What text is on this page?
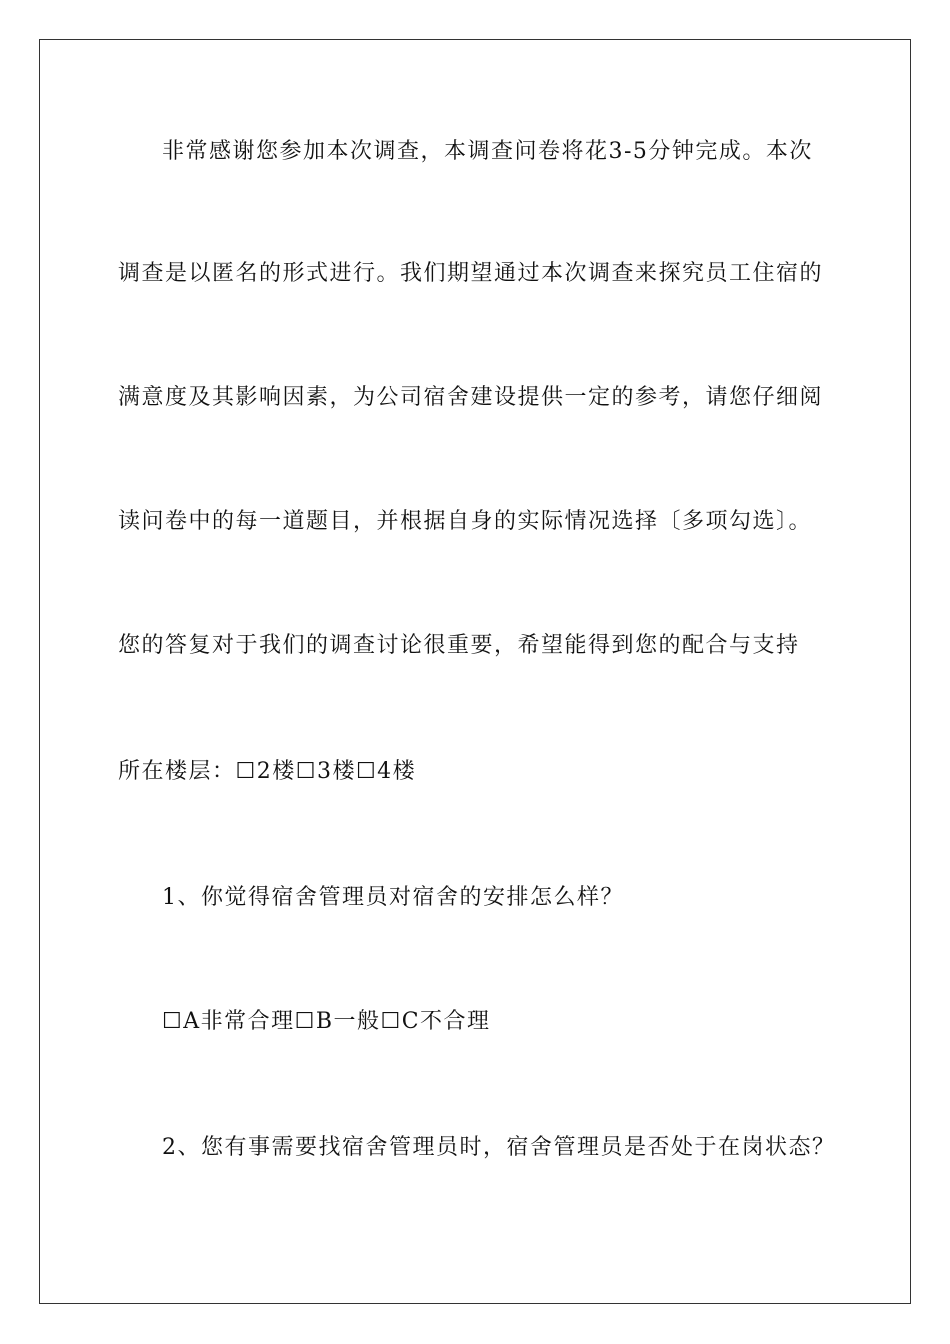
非常感谢您参加本次调查，本调查问卷将花3-5分钟完成。本次
调查是以匿名的形式进行。我们期望通过本次调查来探究员工住宿的
满意度及其影响因素，为公司宿舍建设提供一定的参考，请您仔细阅
读问卷中的每一道题目，并根据自身的实际情况选择〔多项勾选〕。
您的答复对于我们的调查讨论很重要，希望能得到您的配合与支持
所在楼层：☐2楼☐3楼☐4楼
1、你觉得宿舍管理员对宿舍的安排怎么样？
☐A非常合理☐B一般☐C不合理
2、您有事需要找宿舍管理员时，宿舍管理员是否处于在岗状态？
